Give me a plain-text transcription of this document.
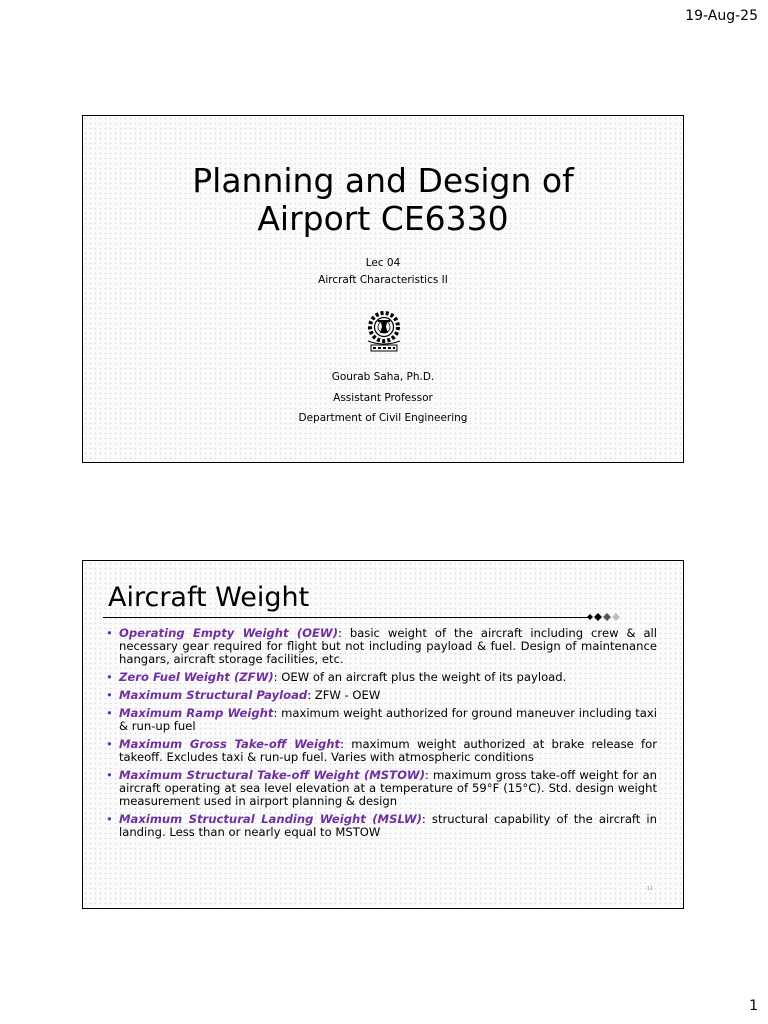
19-Aug-25
Planning and Design of
Airport CE6330
Lec 04
Aircraft Characteristics II
Gourab Saha, Ph.D.
Assistant Professor
Department of Civil Engineering
Aircraft Weight
• Operating Empty Weight (OEW): basic weight of the aircraft including crew & all necessary gear required for flight but not including payload & fuel. Design of maintenance hangars, aircraft storage facilities, etc.
• Zero Fuel Weight (ZFW): OEW of an aircraft plus the weight of its payload.
• Maximum Structural Payload: ZFW - OEW
• Maximum Ramp Weight: maximum weight authorized for ground maneuver including taxi & run-up fuel
• Maximum Gross Take-off Weight: maximum weight authorized at brake release for takeoff. Excludes taxi & run-up fuel. Varies with atmospheric conditions
• Maximum Structural Take-off Weight (MSTOW): maximum gross take-off weight for an aircraft operating at sea level elevation at a temperature of 59°F (15°C). Std. design weight measurement used in airport planning & design
• Maximum Structural Landing Weight (MSLW): structural capability of the aircraft in landing. Less than or nearly equal to MSTOW
11
1
